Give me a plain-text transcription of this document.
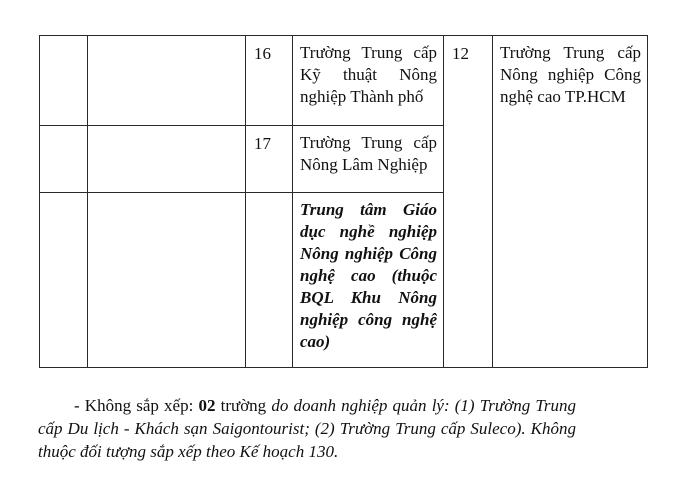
		16	Trường Trung cấp Kỹ thuật Nông nghiệp Thành phố	12	Trường Trung cấp Nông nghiệp Công nghệ cao TP.HCM
		17	Trường Trung cấp Nông Lâm Nghiệp		
			Trung tâm Giáo dục nghề nghiệp Nông nghiệp Công nghệ cao (thuộc BQL Khu Nông nghiệp công nghệ cao)		

- Không sắp xếp: 02 trường do doanh nghiệp quản lý: (1) Trường Trung cấp Du lịch - Khách sạn Saigontourist; (2) Trường Trung cấp Suleco). Không thuộc đối tượng sắp xếp theo Kế hoạch 130.
